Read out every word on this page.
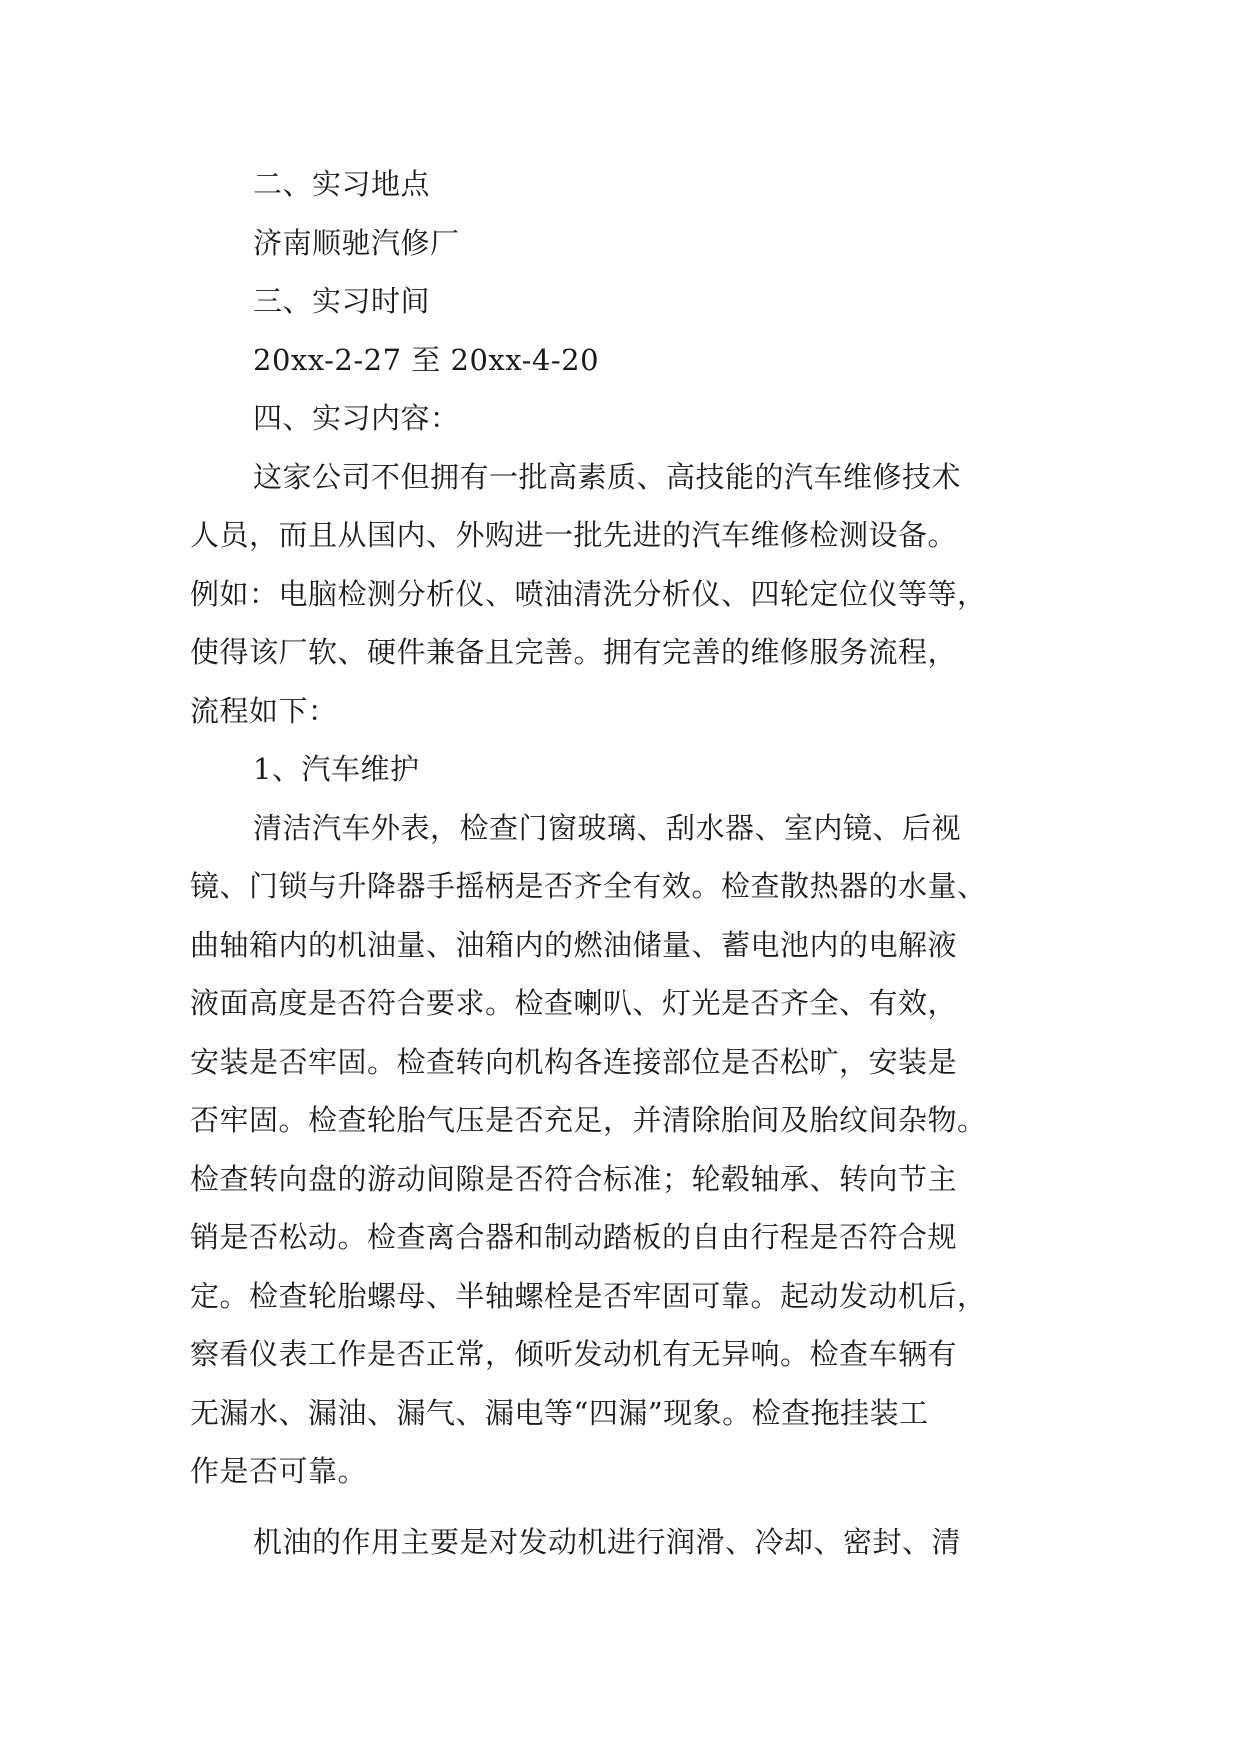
二、实习地点
济南顺驰汽修厂
三、实习时间
20xx-2-27 至 20xx-4-20
四、实习内容：
这家公司不但拥有一批高素质、高技能的汽车维修技术
人员，而且从国内、外购进一批先进的汽车维修检测设备。
例如：电脑检测分析仪、喷油清洗分析仪、四轮定位仪等等，
使得该厂软、硬件兼备且完善。拥有完善的维修服务流程，
流程如下：
1、汽车维护
清洁汽车外表，检查门窗玻璃、刮水器、室内镜、后视
镜、门锁与升降器手摇柄是否齐全有效。检查散热器的水量、
曲轴箱内的机油量、油箱内的燃油储量、蓄电池内的电解液
液面高度是否符合要求。检查喇叭、灯光是否齐全、有效，
安装是否牢固。检查转向机构各连接部位是否松旷，安装是
否牢固。检查轮胎气压是否充足，并清除胎间及胎纹间杂物。
检查转向盘的游动间隙是否符合标准；轮毂轴承、转向节主
销是否松动。检查离合器和制动踏板的自由行程是否符合规
定。检查轮胎螺母、半轴螺栓是否牢固可靠。起动发动机后，
察看仪表工作是否正常，倾听发动机有无异响。检查车辆有
无漏水、漏油、漏气、漏电等“四漏”现象。检查拖挂装工
作是否可靠。
机油的作用主要是对发动机进行润滑、冷却、密封、清
